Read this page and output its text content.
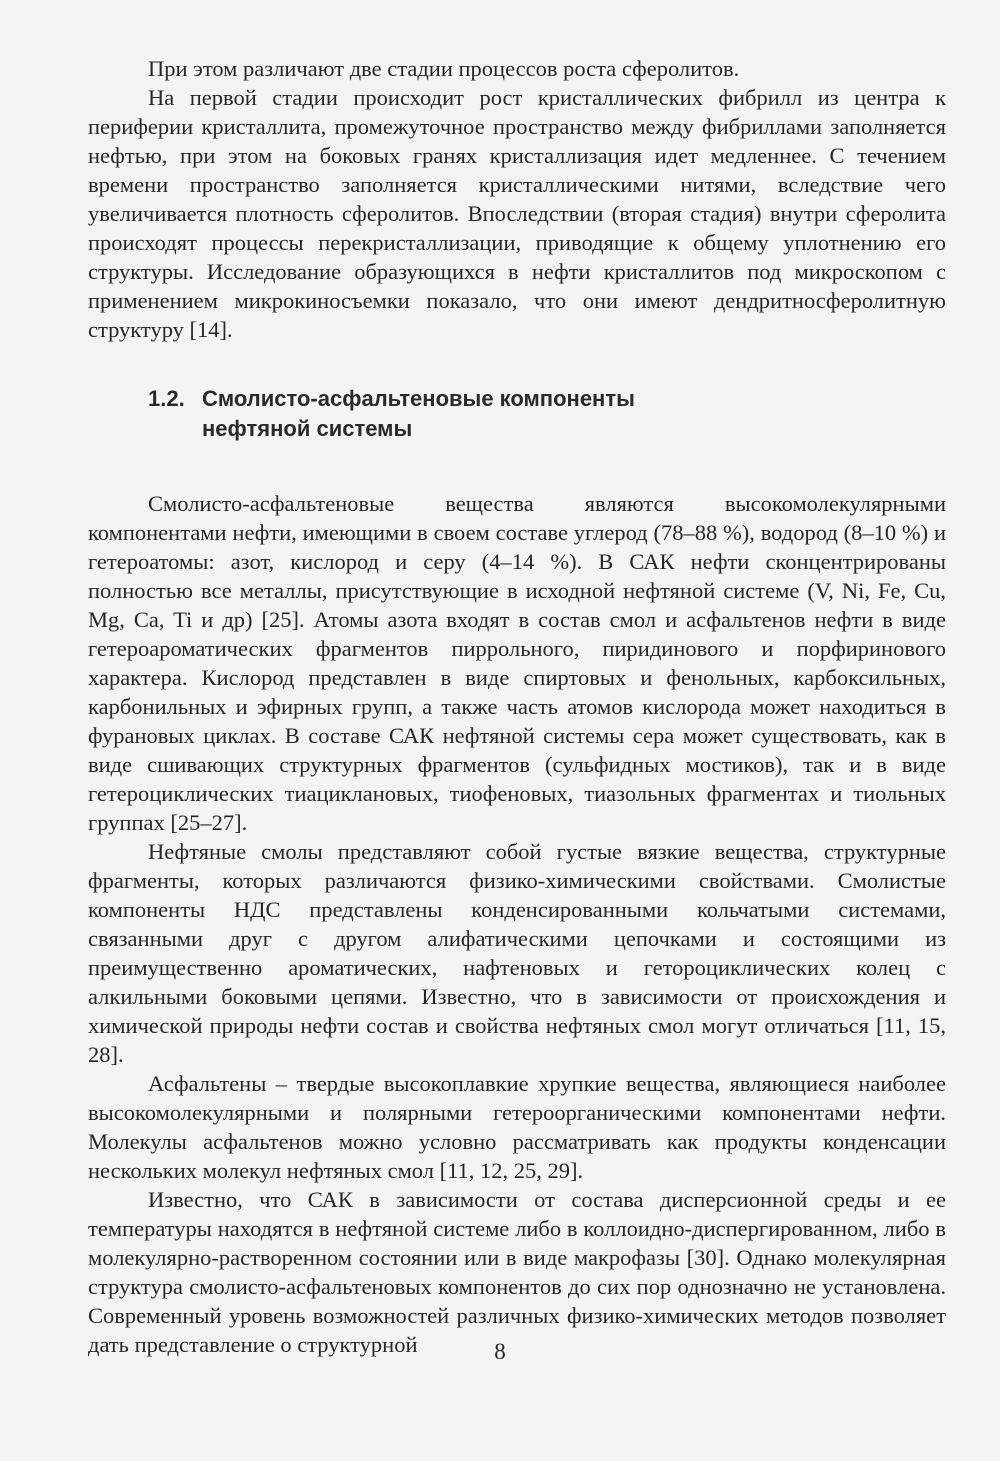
При этом различают две стадии процессов роста сферолитов.

На первой стадии происходит рост кристаллических фибрилл из центра к периферии кристаллита, промежуточное пространство между фибриллами заполняется нефтью, при этом на боковых гранях кристаллизация идет медленнее. С течением времени пространство заполняется кристаллическими нитями, вследствие чего увеличивается плотность сферолитов. Впоследствии (вторая стадия) внутри сферолита происходят процессы перекристаллизации, приводящие к общему уплотнению его структуры. Исследование образующихся в нефти кристаллитов под микроскопом с применением микрокиносъемки показало, что они имеют дендритносферолитную структуру [14].

1.2. Смолисто-асфальтеновые компоненты
нефтяной системы

Смолисто-асфальтеновые вещества являются высокомолекулярными компонентами нефти, имеющими в своем составе углерод (78–88 %), водород (8–10 %) и гетероатомы: азот, кислород и серу (4–14 %). В САК нефти сконцентрированы полностью все металлы, присутствующие в исходной нефтяной системе (V, Ni, Fe, Cu, Mg, Ca, Ti и др) [25]. Атомы азота входят в состав смол и асфальтенов нефти в виде гетероароматических фрагментов пиррольного, пиридинового и порфиринового характера. Кислород представлен в виде спиртовых и фенольных, карбоксильных, карбонильных и эфирных групп, а также часть атомов кислорода может находиться в фурановых циклах. В составе САК нефтяной системы сера может существовать, как в виде сшивающих структурных фрагментов (сульфидных мостиков), так и в виде гетероциклических тиациклановых, тиофеновых, тиазольных фрагментах и тиольных группах [25–27].

Нефтяные смолы представляют собой густые вязкие вещества, структурные фрагменты, которых различаются физико-химическими свойствами. Смолистые компоненты НДС представлены конденсированными кольчатыми системами, связанными друг с другом алифатическими цепочками и состоящими из преимущественно ароматических, нафтеновых и гетороциклических колец с алкильными боковыми цепями. Известно, что в зависимости от происхождения и химической природы нефти состав и свойства нефтяных смол могут отличаться [11, 15, 28].

Асфальтены – твердые высокоплавкие хрупкие вещества, являющиеся наиболее высокомолекулярными и полярными гетероорганическими компонентами нефти. Молекулы асфальтенов можно условно рассматривать как продукты конденсации нескольких молекул нефтяных смол [11, 12, 25, 29].

Известно, что САК в зависимости от состава дисперсионной среды и ее температуры находятся в нефтяной системе либо в коллоидно-диспергированном, либо в молекулярно-растворенном состоянии или в виде макрофазы [30]. Однако молекулярная структура смолисто-асфальтеновых компонентов до сих пор однозначно не установлена. Современный уровень возможностей различных физико-химических методов позволяет дать представление о структурной	8
